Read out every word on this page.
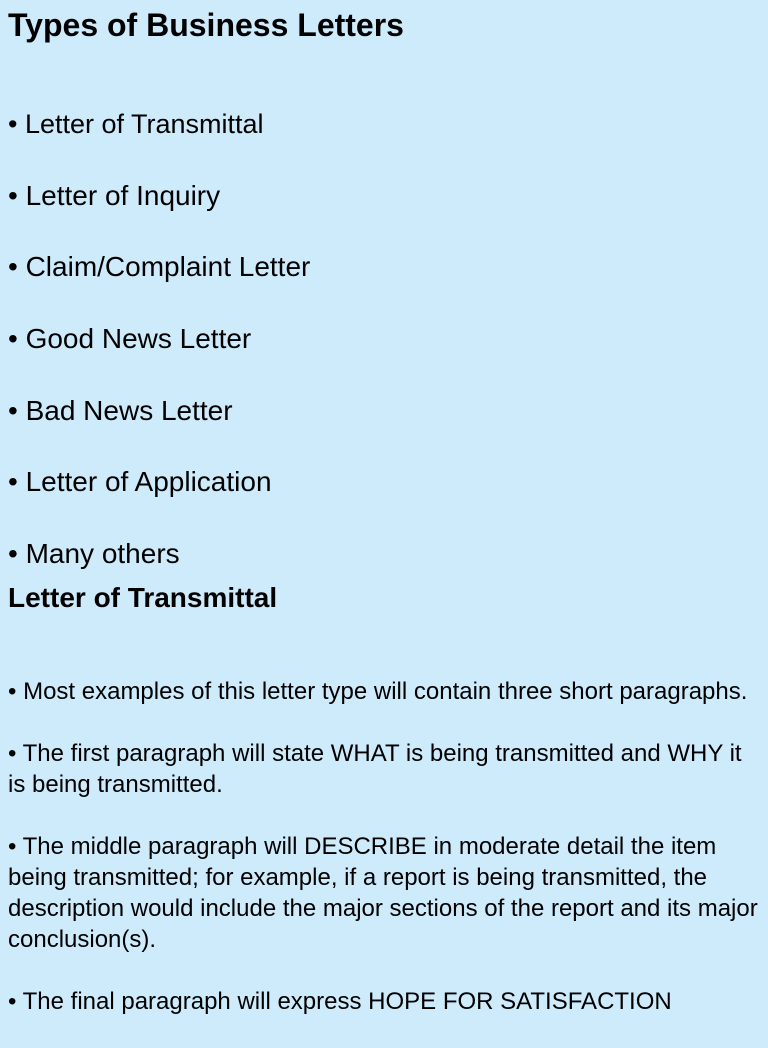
Types of Business Letters
• Letter of Transmittal
• Letter of Inquiry
• Claim/Complaint Letter
• Good News Letter
• Bad News Letter
• Letter of Application
• Many others
Letter of Transmittal
• Most examples of this letter type will contain three short paragraphs.
• The first paragraph will state WHAT is being transmitted and WHY it is being transmitted.
• The middle paragraph will DESCRIBE in moderate detail the item being transmitted; for example, if a report is being transmitted, the description would include the major sections of the report and its major conclusion(s).
• The final paragraph will express HOPE FOR SATISFACTION
